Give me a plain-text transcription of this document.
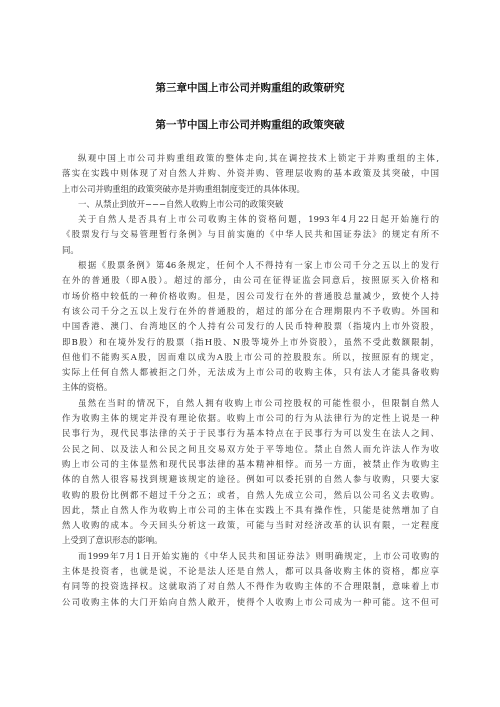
第三章中国上市公司并购重组的政策研究
第一节中国上市公司并购重组的政策突破
纵观中国上市公司并购重组政策的整体走向,其在调控技术上锁定于并购重组的主体,
落实在实践中则体现了对自然人并购、外资并购、管理层收购的基本政策及其突破，中国
上市公司并购重组的政策突破亦是并购重组制度变迁的具体体现。
一、从禁止到放开−−−自然人收购上市公司的政策突破
关于自然人是否具有上市公司收购主体的资格问题，1993年4月22日起开始施行的
《股票发行与交易管理暂行条例》与目前实施的《中华人民共和国证券法》的规定有所不
同。
根据《股票条例》第46条规定，任何个人不得持有一家上市公司千分之五以上的发行
在外的普通股（即A股）。超过的部分，由公司在征得证监会同意后，按照原买入价格和
市场价格中较低的一种价格收购。但是，因公司发行在外的普通股总量减少，致使个人持
有该公司千分之五以上发行在外的普通股的，超过的部分在合理期限内不予收购。外国和
中国香港、澳门、台湾地区的个人持有公司发行的人民币特种股票（指境内上市外资股，
即B股）和在境外发行的股票（指H股、N股等境外上市外资股），虽然不受此数额限制，
但他们不能购买A股，因而难以成为A股上市公司的控股股东。所以，按照原有的规定，
实际上任何自然人都被拒之门外，无法成为上市公司的收购主体，只有法人才能具备收购
主体的资格。
虽然在当时的情况下，自然人拥有收购上市公司控股权的可能性很小，但限制自然人
作为收购主体的规定并没有理论依据。收购上市公司的行为从法律行为的定性上说是一种
民事行为，现代民事法律的关于于民事行为基本特点在于民事行为可以发生在法人之间、
公民之间、以及法人和公民之间且交易双方处于平等地位。禁止自然人而允许法人作为收
购上市公司的主体显然和现代民事法律的基本精神相悖。而另一方面，被禁止作为收购主
体的自然人很容易找到规避该规定的途径。例如可以委托别的自然人参与收购，只要大家
收购的股份比例都不超过千分之五；或者，自然人先成立公司，然后以公司名义去收购。
因此，禁止自然人作为收购上市公司的主体在实践上不具有操作性，只能是徒然增加了自
然人收购的成本。今天回头分析这一政策，可能与当时对经济改革的认识有限，一定程度
上受到了意识形态的影响。
而1999年7月1日开始实施的《中华人民共和国证券法》则明确规定，上市公司收购的
主体是投资者，也就是说，不论是法人还是自然人，都可以具备收购主体的资格，都应享
有同等的投资选择权。这就取消了对自然人不得作为收购主体的不合理限制，意味着上市
公司收购主体的大门开始向自然人敞开，使得个人收购上市公司成为一种可能。这不但可
